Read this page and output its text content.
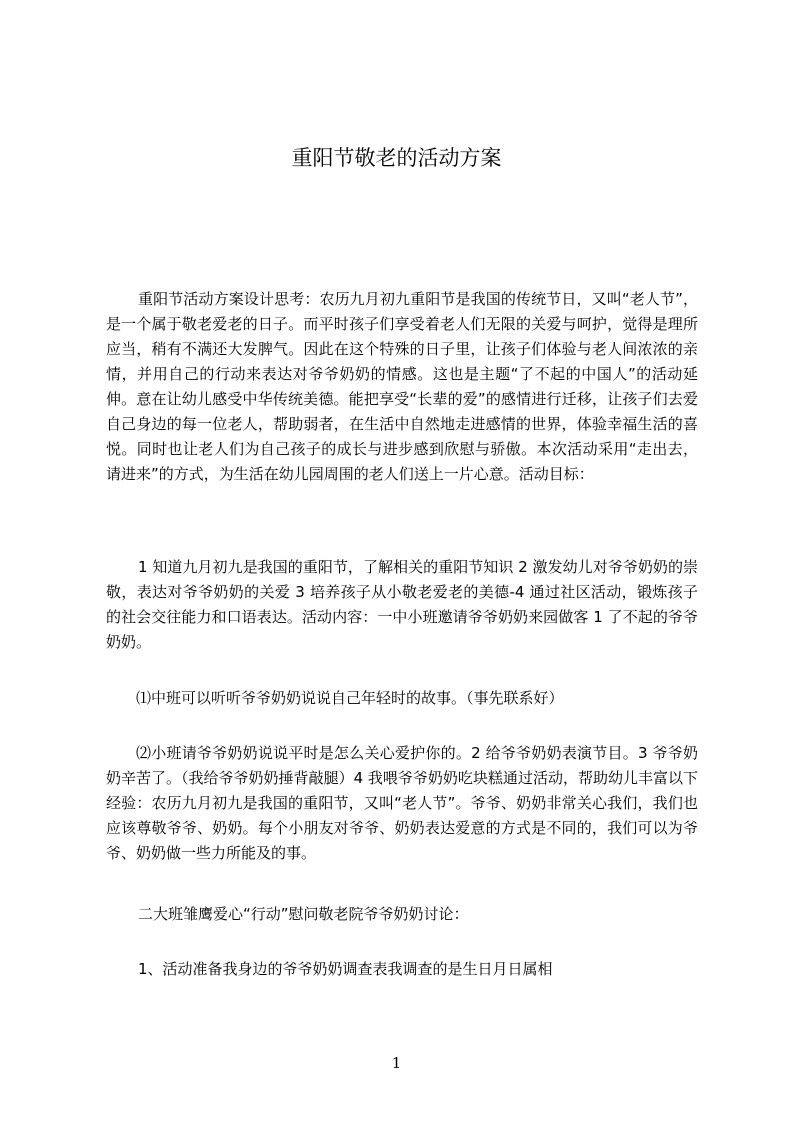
重阳节敬老的活动方案

重阳节活动方案设计思考：农历九月初九重阳节是我国的传统节日，又叫“老人节”，是一个属于敬老爱老的日子。而平时孩子们享受着老人们无限的关爱与呵护，觉得是理所应当，稍有不满还大发脾气。因此在这个特殊的日子里，让孩子们体验与老人间浓浓的亲情，并用自己的行动来表达对爷爷奶奶的情感。这也是主题“了不起的中国人”的活动延伸。意在让幼儿感受中华传统美德。能把享受“长辈的爱”的感情进行迁移，让孩子们去爱自己身边的每一位老人，帮助弱者，在生活中自然地走进感情的世界，体验幸福生活的喜悦。同时也让老人们为自己孩子的成长与进步感到欣慰与骄傲。本次活动采用“走出去，请进来”的方式，为生活在幼儿园周围的老人们送上一片心意。活动目标：

1 知道九月初九是我国的重阳节，了解相关的重阳节知识 2 激发幼儿对爷爷奶奶的崇敬，表达对爷爷奶奶的关爱 3 培养孩子从小敬老爱老的美德-4 通过社区活动，锻炼孩子的社会交往能力和口语表达。活动内容：一中小班邀请爷爷奶奶来园做客 1 了不起的爷爷奶奶。

⑴中班可以听听爷爷奶奶说说自己年轻时的故事。（事先联系好）

⑵小班请爷爷奶奶说说平时是怎么关心爱护你的。2 给爷爷奶奶表演节目。3 爷爷奶奶辛苦了。（我给爷爷奶奶捶背敲腿）4 我喂爷爷奶奶吃块糕通过活动，帮助幼儿丰富以下经验：农历九月初九是我国的重阳节，又叫“老人节”。爷爷、奶奶非常关心我们，我们也应该尊敬爷爷、奶奶。每个小朋友对爷爷、奶奶表达爱意的方式是不同的，我们可以为爷爷、奶奶做一些力所能及的事。

二大班雏鹰爱心“行动”慰问敬老院爷爷奶奶讨论：

1、活动准备我身边的爷爷奶奶调查表我调查的是生日月日属相

1
